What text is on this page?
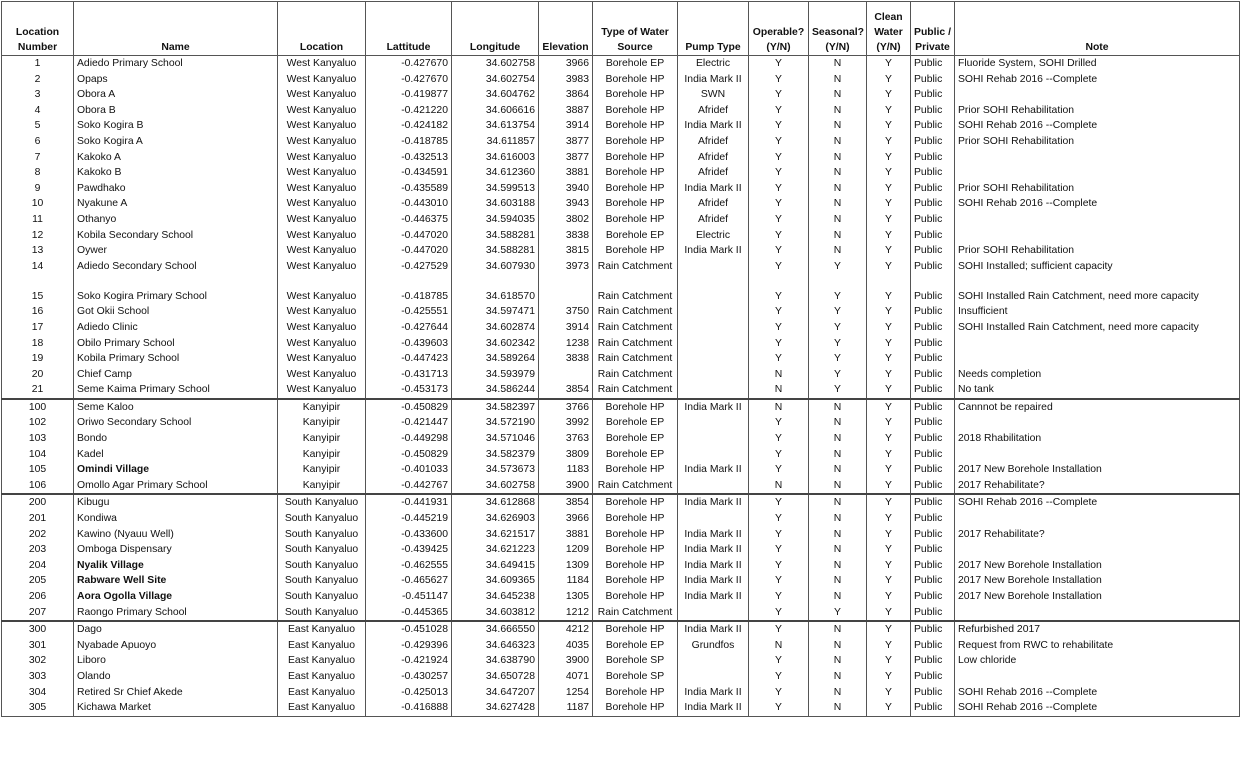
Location Number	Name	Location	Lattitude	Longitude	Elevation	Type of Water Source	Pump Type	Operable? (Y/N)	Seasonal? (Y/N)	Clean Water (Y/N)	Public / Private	Note
1	Adiedo Primary School	West Kanyaluo	-0.427670	34.602758	3966	Borehole EP	Electric	Y	N	Y	Public	Fluoride System, SOHI Drilled
2	Opaps	West Kanyaluo	-0.427670	34.602754	3983	Borehole HP	India Mark II	Y	N	Y	Public	SOHI Rehab 2016 --Complete
3	Obora A	West Kanyaluo	-0.419877	34.604762	3864	Borehole HP	SWN	Y	N	Y	Public	
4	Obora B	West Kanyaluo	-0.421220	34.606616	3887	Borehole HP	Afridef	Y	N	Y	Public	Prior SOHI Rehabilitation
5	Soko Kogira B	West Kanyaluo	-0.424182	34.613754	3914	Borehole HP	India Mark II	Y	N	Y	Public	SOHI Rehab 2016 --Complete
6	Soko Kogira A	West Kanyaluo	-0.418785	34.611857	3877	Borehole HP	Afridef	Y	N	Y	Public	Prior SOHI Rehabilitation
7	Kakoko A	West Kanyaluo	-0.432513	34.616003	3877	Borehole HP	Afridef	Y	N	Y	Public	
8	Kakoko B	West Kanyaluo	-0.434591	34.612360	3881	Borehole HP	Afridef	Y	N	Y	Public	
9	Pawdhako	West Kanyaluo	-0.435589	34.599513	3940	Borehole HP	India Mark II	Y	N	Y	Public	Prior SOHI Rehabilitation
10	Nyakune A	West Kanyaluo	-0.443010	34.603188	3943	Borehole HP	Afridef	Y	N	Y	Public	SOHI Rehab 2016 --Complete
11	Othanyo	West Kanyaluo	-0.446375	34.594035	3802	Borehole HP	Afridef	Y	N	Y	Public	
12	Kobila Secondary School	West Kanyaluo	-0.447020	34.588281	3838	Borehole EP	Electric	Y	N	Y	Public	
13	Oywer	West Kanyaluo	-0.447020	34.588281	3815	Borehole HP	India Mark II	Y	N	Y	Public	Prior SOHI Rehabilitation
14	Adiedo Secondary School	West Kanyaluo	-0.427529	34.607930	3973	Rain Catchment		Y	Y	Y	Public	SOHI Installed; sufficient capacity
15	Soko Kogira Primary School	West Kanyaluo	-0.418785	34.618570		Rain Catchment		Y	Y	Y	Public	SOHI Installed Rain Catchment, need more capacity
16	Got Okii School	West Kanyaluo	-0.425551	34.597471	3750	Rain Catchment		Y	Y	Y	Public	Insufficient
17	Adiedo Clinic	West Kanyaluo	-0.427644	34.602874	3914	Rain Catchment		Y	Y	Y	Public	SOHI Installed Rain Catchment, need more capacity
18	Obilo Primary School	West Kanyaluo	-0.439603	34.602342	1238	Rain Catchment		Y	Y	Y	Public	
19	Kobila Primary School	West Kanyaluo	-0.447423	34.589264	3838	Rain Catchment		Y	Y	Y	Public	
20	Chief Camp	West Kanyaluo	-0.431713	34.593979		Rain Catchment		N	Y	Y	Public	Needs completion
21	Seme Kaima Primary School	West Kanyaluo	-0.453173	34.586244	3854	Rain Catchment		N	Y	Y	Public	No tank
100	Seme Kaloo	Kanyipir	-0.450829	34.582397	3766	Borehole HP	India Mark II	N	N	Y	Public	Cannnot be repaired
102	Oriwo Secondary School	Kanyipir	-0.421447	34.572190	3992	Borehole EP		Y	N	Y	Public	
103	Bondo	Kanyipir	-0.449298	34.571046	3763	Borehole EP		Y	N	Y	Public	2018 Rhabilitation
104	Kadel	Kanyipir	-0.450829	34.582379	3809	Borehole EP		Y	N	Y	Public	
105	Omindi Village	Kanyipir	-0.401033	34.573673	1183	Borehole HP	India Mark II	Y	N	Y	Public	2017 New Borehole Installation
106	Omollo Agar Primary School	Kanyipir	-0.442767	34.602758	3900	Rain Catchment		N	N	Y	Public	2017 Rehabilitate?
200	Kibugu	South Kanyaluo	-0.441931	34.612868	3854	Borehole HP	India Mark II	Y	N	Y	Public	SOHI Rehab 2016 --Complete
201	Kondiwa	South Kanyaluo	-0.445219	34.626903	3966	Borehole HP		Y	N	Y	Public	
202	Kawino (Nyauu Well)	South Kanyaluo	-0.433600	34.621517	3881	Borehole HP	India Mark II	Y	N	Y	Public	2017 Rehabilitate?
203	Omboga Dispensary	South Kanyaluo	-0.439425	34.621223	1209	Borehole HP	India Mark II	Y	N	Y	Public	
204	Nyalik Village	South Kanyaluo	-0.462555	34.649415	1309	Borehole HP	India Mark II	Y	N	Y	Public	2017 New Borehole Installation
205	Rabware Well Site	South Kanyaluo	-0.465627	34.609365	1184	Borehole HP	India Mark II	Y	N	Y	Public	2017 New Borehole Installation
206	Aora Ogolla Village	South Kanyaluo	-0.451147	34.645238	1305	Borehole HP	India Mark II	Y	N	Y	Public	2017 New Borehole Installation
207	Raongo Primary School	South Kanyaluo	-0.445365	34.603812	1212	Rain Catchment		Y	Y	Y	Public	
300	Dago	East Kanyaluo	-0.451028	34.666550	4212	Borehole HP	India Mark II	Y	N	Y	Public	Refurbished 2017
301	Nyabade Apuoyo	East Kanyaluo	-0.429396	34.646323	4035	Borehole EP	Grundfos	N	N	Y	Public	Request from RWC to rehabilitate
302	Liboro	East Kanyaluo	-0.421924	34.638790	3900	Borehole SP		Y	N	Y	Public	Low chloride
303	Olando	East Kanyaluo	-0.430257	34.650728	4071	Borehole SP		Y	N	Y	Public	
304	Retired Sr Chief Akede	East Kanyaluo	-0.425013	34.647207	1254	Borehole HP	India Mark II	Y	N	Y	Public	SOHI Rehab 2016 --Complete
305	Kichawa Market	East Kanyaluo	-0.416888	34.627428	1187	Borehole HP	India Mark II	Y	N	Y	Public	SOHI Rehab 2016 --Complete
